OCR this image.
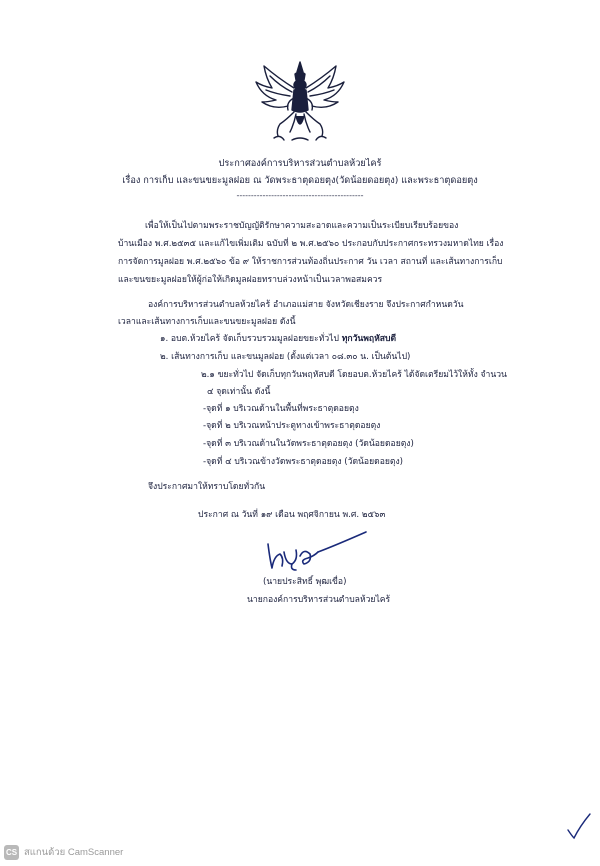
ประกาศองค์การบริหารส่วนตำบลห้วยไคร้
เรื่อง การเก็บ และขนขยะมูลฝอย ณ วัดพระธาตุดอยตุง(วัดน้อยดอยตุง) และพระธาตุดอยตุง
--------------------------------------------
เพื่อให้เป็นไปตามพระราชบัญญัติรักษาความสะอาดและความเป็นระเบียบเรียบร้อยของ
บ้านเมือง พ.ศ.๒๕๓๕ และแก้ไขเพิ่มเติม ฉบับที่ ๒ พ.ศ.๒๕๖๐ ประกอบกับประกาศกระทรวงมหาดไทย เรื่อง
การจัดการมูลฝอย พ.ศ.๒๕๖๐ ข้อ ๙ ให้ราชการส่วนท้องถิ่นประกาศ วัน เวลา สถานที่ และเส้นทางการเก็บ
และขนขยะมูลฝอยให้ผู้ก่อให้เกิดมูลฝอยทราบล่วงหน้าเป็นเวลาพอสมควร
องค์การบริหารส่วนตำบลห้วยไคร้ อำเภอแม่สาย จังหวัดเชียงราย จึงประกาศกำหนดวัน
เวลาและเส้นทางการเก็บและขนขยะมูลฝอย ดังนี้
๑. อบต.ห้วยไคร้ จัดเก็บรวบรวมมูลฝอยขยะทั่วไป ทุกวันพฤหัสบดี
๒. เส้นทางการเก็บ และขนมูลฝอย (ตั้งแต่เวลา ๐๘.๓๐ น. เป็นต้นไป)
๒.๑ ขยะทั่วไป จัดเก็บทุกวันพฤหัสบดี โดยอบต.ห้วยไคร้ ได้จัดเตรียมไว้ให้ทั้ง จำนวน
๔ จุดเท่านั้น ดังนี้
-จุดที่ ๑ บริเวณด้านในพื้นที่พระธาตุดอยตุง
-จุดที่ ๒ บริเวณหน้าประตูทางเข้าพระธาตุดอยตุง
-จุดที่ ๓ บริเวณด้านในวัดพระธาตุดอยตุง (วัดน้อยดอยตุง)
-จุดที่ ๔ บริเวณข้างวัดพระธาตุดอยตุง (วัดน้อยดอยตุง)
จึงประกาศมาให้ทราบโดยทั่วกัน
ประกาศ ณ วันที่ ๑๙ เดือน พฤศจิกายน พ.ศ. ๒๕๖๓
(นายประสิทธิ์ พุฒเขื่อ)
นายกองค์การบริหารส่วนตำบลห้วยไคร้
CS สแกนด้วย CamScanner
